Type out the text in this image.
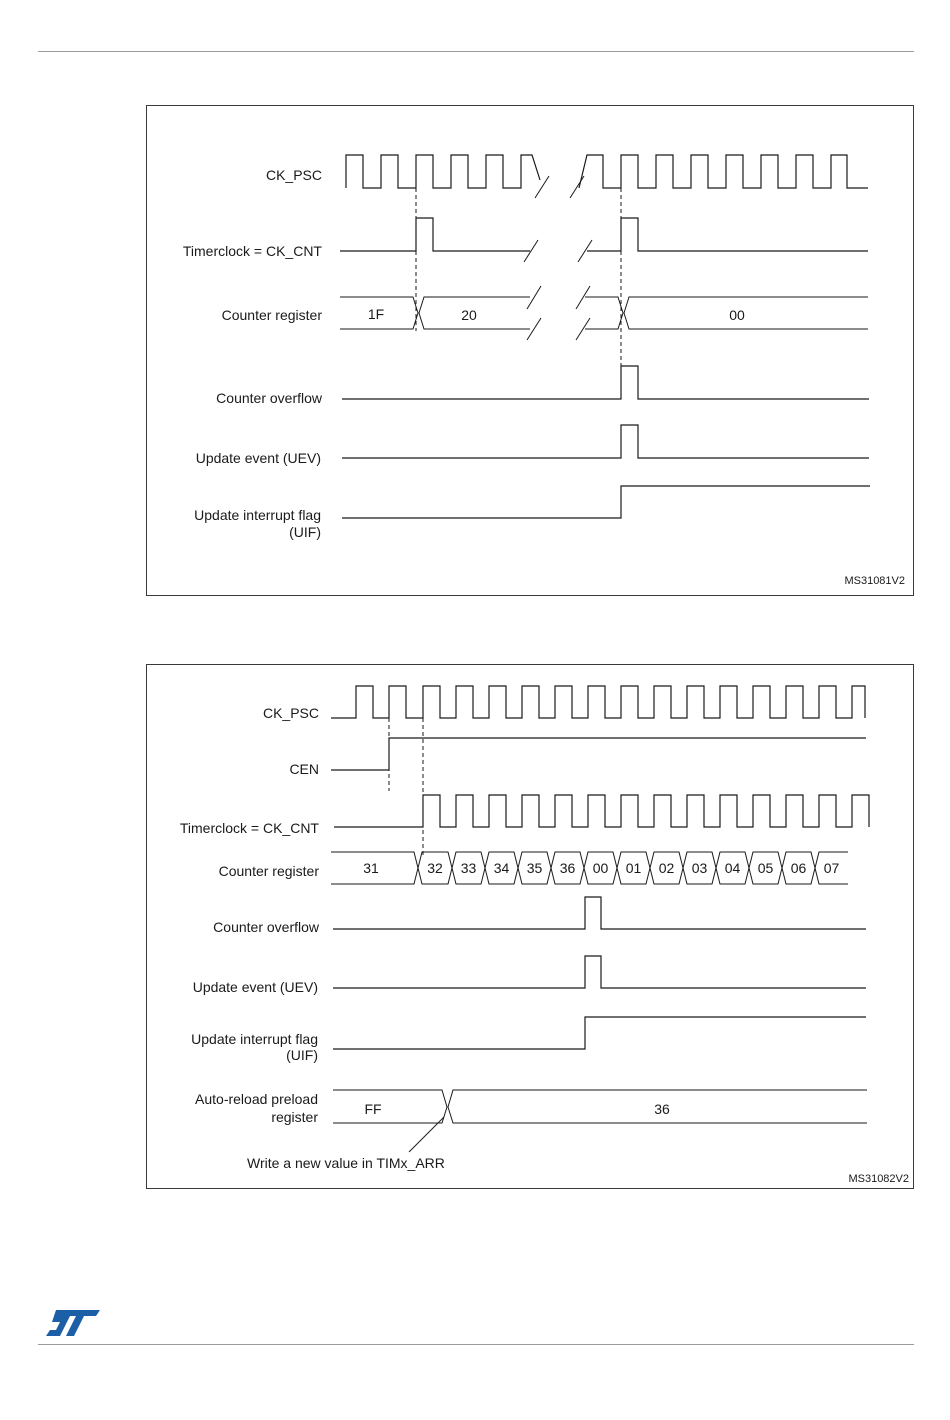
CK_PSC
Timerclock = CK_CNT
Counter register
Counter overflow
Update event (UEV)
Update interrupt flag
(UIF)
1F	20	00
MS31081V2
CK_PSC
CEN
Timerclock = CK_CNT
Counter register
Counter overflow
Update event (UEV)
Update interrupt flag
(UIF)
Auto-reload preload
register
31	32 33 34 35 36 00 01 02 03 04 05 06 07
FF	36
Write a new value in TIMx_ARR
MS31082V2
